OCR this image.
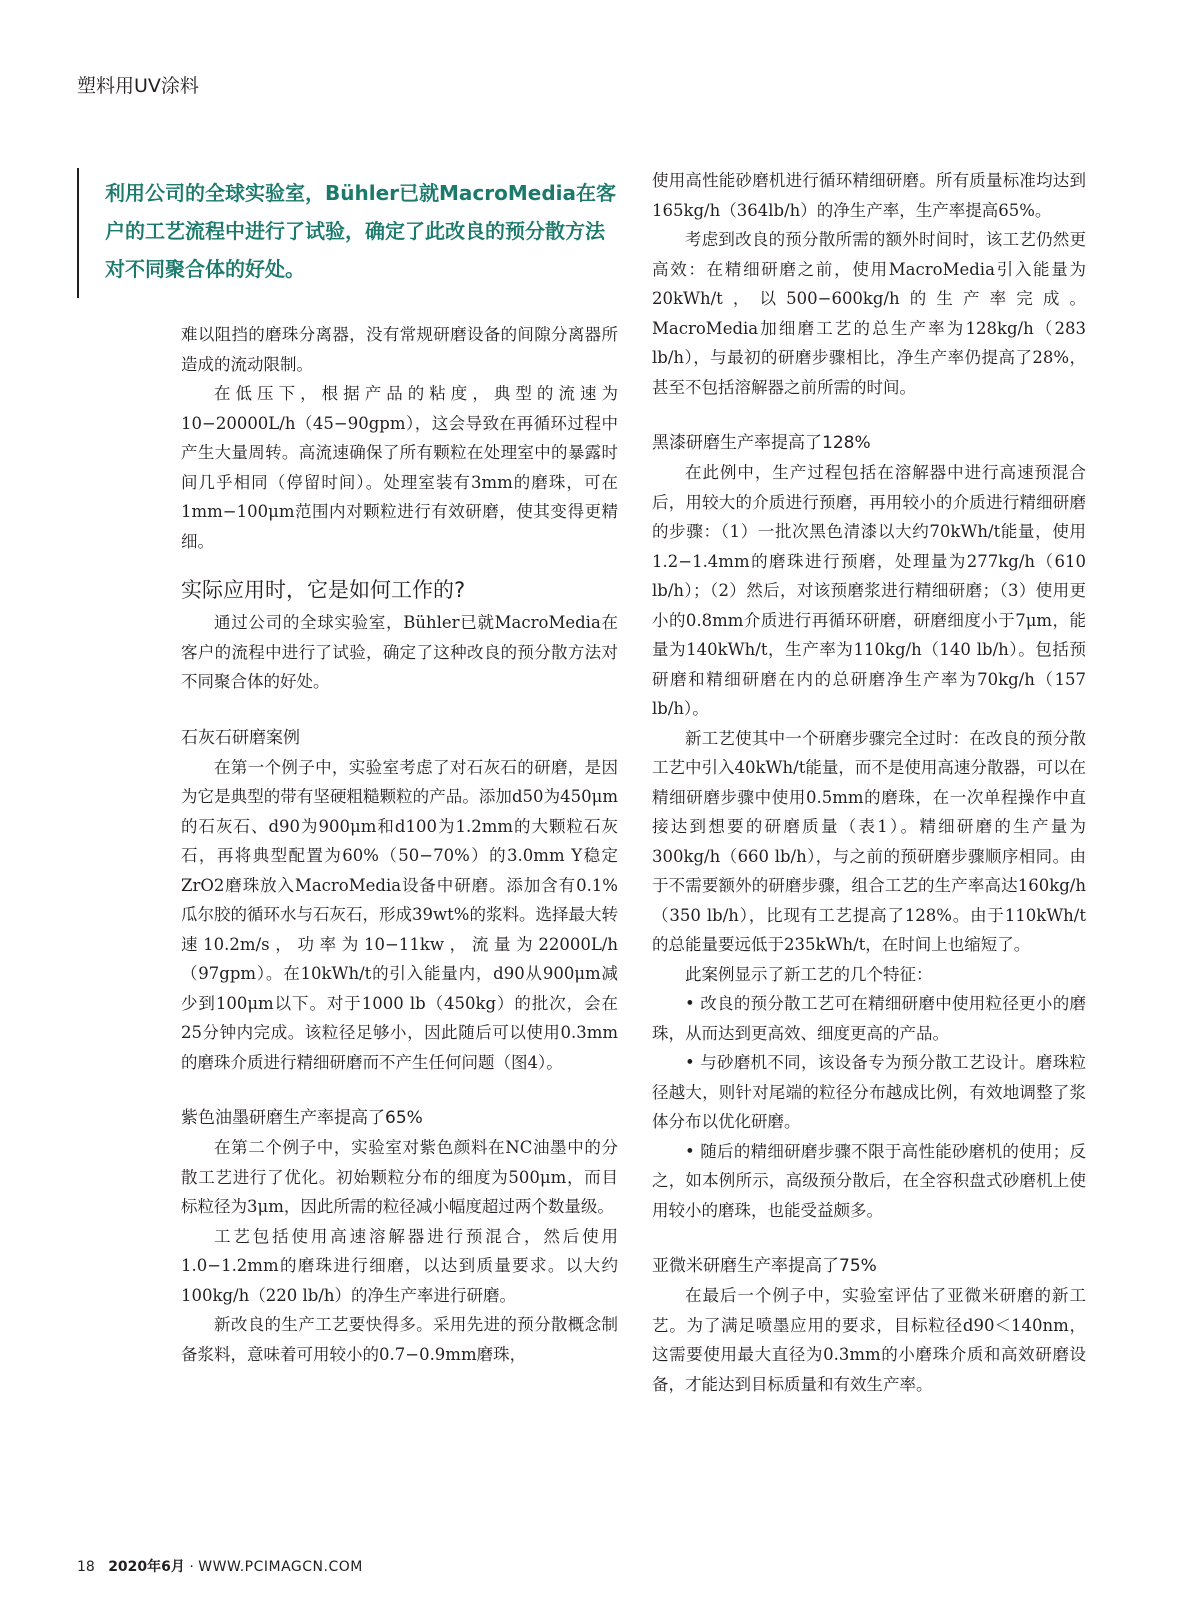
塑料用UV涂料
利用公司的全球实验室，Bühler已就MacroMedia在客户的工艺流程中进行了试验，确定了此改良的预分散方法对不同聚合体的好处。

难以阻挡的磨珠分离器，没有常规研磨设备的间隙分离器所造成的流动限制。

在低压下，根据产品的粘度，典型的流速为10−20000L/h（45−90gpm），这会导致在再循环过程中产生大量周转。高流速确保了所有颗粒在处理室中的暴露时间几乎相同（停留时间）。处理室装有3mm的磨珠，可在1mm−100μm范围内对颗粒进行有效研磨，使其变得更精细。

实际应用时，它是如何工作的?

通过公司的全球实验室，Bühler已就MacroMedia在客户的流程中进行了试验，确定了这种改良的预分散方法对不同聚合体的好处。

石灰石研磨案例

在第一个例子中，实验室考虑了对石灰石的研磨，是因为它是典型的带有坚硬粗糙颗粒的产品。添加d50为450μm的石灰石、d90为900μm和d100为1.2mm的大颗粒石灰石，再将典型配置为60%（50−70%）的3.0mm Y稳定ZrO2磨珠放入MacroMedia设备中研磨。添加含有0.1%瓜尔胶的循环水与石灰石，形成39wt%的浆料。选择最大转速10.2m/s，功率为10−11kw，流量为22000L/h（97gpm）。在10kWh/t的引入能量内，d90从900μm减少到100μm以下。对于1000 lb（450kg）的批次，会在25分钟内完成。该粒径足够小，因此随后可以使用0.3mm的磨珠介质进行精细研磨而不产生任何问题（图4）。

紫色油墨研磨生产率提高了65%

在第二个例子中，实验室对紫色颜料在NC油墨中的分散工艺进行了优化。初始颗粒分布的细度为500μm，而目标粒径为3μm，因此所需的粒径减小幅度超过两个数量级。

工艺包括使用高速溶解器进行预混合，然后使用1.0−1.2mm的磨珠进行细磨，以达到质量要求。以大约100kg/h（220 lb/h）的净生产率进行研磨。

新改良的生产工艺要快得多。采用先进的预分散概念制备浆料，意味着可用较小的0.7−0.9mm磨珠，

使用高性能砂磨机进行循环精细研磨。所有质量标准均达到165kg/h（364lb/h）的净生产率，生产率提高65%。

考虑到改良的预分散所需的额外时间时，该工艺仍然更高效：在精细研磨之前，使用MacroMedia引入能量为20kWh/t，以500−600kg/h的生产率完成。MacroMedia加细磨工艺的总生产率为128kg/h（283 lb/h），与最初的研磨步骤相比，净生产率仍提高了28%，甚至不包括溶解器之前所需的时间。

黑漆研磨生产率提高了128%

在此例中，生产过程包括在溶解器中进行高速预混合后，用较大的介质进行预磨，再用较小的介质进行精细研磨的步骤：（1）一批次黑色清漆以大约70kWh/t能量，使用1.2−1.4mm的磨珠进行预磨，处理量为277kg/h（610 lb/h）；（2）然后，对该预磨浆进行精细研磨；（3）使用更小的0.8mm介质进行再循环研磨，研磨细度小于7μm，能量为140kWh/t，生产率为110kg/h（140 lb/h）。包括预研磨和精细研磨在内的总研磨净生产率为70kg/h（157 lb/h）。

新工艺使其中一个研磨步骤完全过时：在改良的预分散工艺中引入40kWh/t能量，而不是使用高速分散器，可以在精细研磨步骤中使用0.5mm的磨珠，在一次单程操作中直接达到想要的研磨质量（表1）。精细研磨的生产量为300kg/h（660 lb/h），与之前的预研磨步骤顺序相同。由于不需要额外的研磨步骤，组合工艺的生产率高达160kg/h（350 lb/h），比现有工艺提高了128%。由于110kWh/t的总能量要远低于235kWh/t，在时间上也缩短了。

此案例显示了新工艺的几个特征：

• 改良的预分散工艺可在精细研磨中使用粒径更小的磨珠，从而达到更高效、细度更高的产品。

• 与砂磨机不同，该设备专为预分散工艺设计。磨珠粒径越大，则针对尾端的粒径分布越成比例，有效地调整了浆体分布以优化研磨。

• 随后的精细研磨步骤不限于高性能砂磨机的使用；反之，如本例所示，高级预分散后，在全容积盘式砂磨机上使用较小的磨珠，也能受益颇多。

亚微米研磨生产率提高了75%

在最后一个例子中，实验室评估了亚微米研磨的新工艺。为了满足喷墨应用的要求，目标粒径d90＜140nm，这需要使用最大直径为0.3mm的小磨珠介质和高效研磨设备，才能达到目标质量和有效生产率。

18 2020年6月 · WWW.PCIMAGCN.COM
